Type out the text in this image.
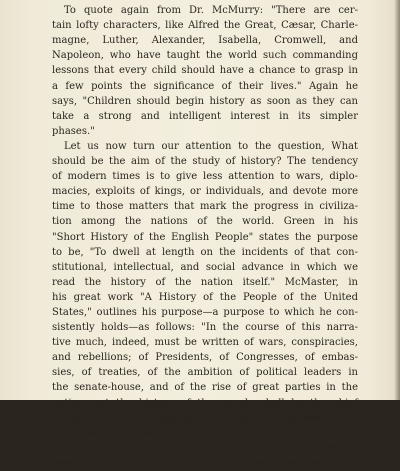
To quote again from Dr. McMurry: "There are cer-
tain lofty characters, like Alfred the Great, Cæsar, Charle-
magne, Luther, Alexander, Isabella, Cromwell, and
Napoleon, who have taught the world such commanding
lessons that every child should have a chance to grasp in
a few points the significance of their lives." Again he
says, "Children should begin history as soon as they can
take a strong and intelligent interest in its simpler
phases."
Let us now turn our attention to the question, What
should be the aim of the study of history? The tendency
of modern times is to give less attention to wars, diplo-
macies, exploits of kings, or individuals, and devote more
time to those matters that mark the progress in civiliza-
tion among the nations of the world. Green in his
"Short History of the English People" states the purpose
to be, "To dwell at length on the incidents of that con-
stitutional, intellectual, and social advance in which we
read the history of the nation itself." McMaster, in
his great work "A History of the People of the United
States," outlines his purpose—a purpose to which he con-
sistently holds—as follows: "In the course of this narra-
tive much, indeed, must be written of wars, conspiracies,
and rebellions; of Presidents, of Congresses, of embas-
sies, of treaties, of the ambition of political leaders in
the senate-house, and of the rise of great parties in the
nation, yet the history of the people shall be the chief
theme. At every stage of the splendid progress which
separates the America of Washington and Adams from
the America in which we live, it shall be my purpose to
describe the dress, the occupations, the amusements, the
